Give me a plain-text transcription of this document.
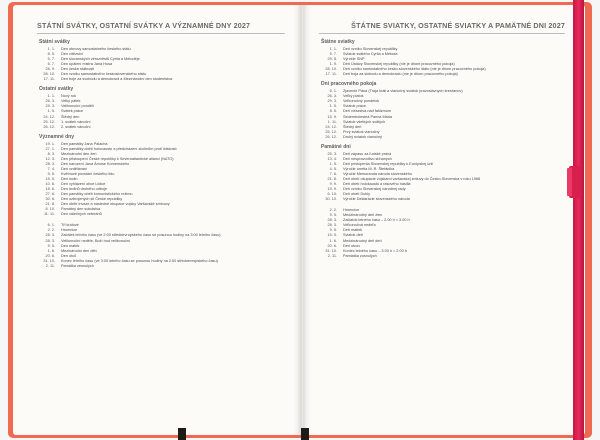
STÁTNÍ SVÁTKY, OSTATNÍ SVÁTKY A VÝZNAMNÉ DNY 2027
Státní svátky
1. 1.	Den obnovy samostatného českého státu
8. 5.	Den vítězství
5. 7.	Den slovanských věrozvěstů Cyrila a Metoděje
6. 7.	Den upálení mistra Jana Husa
28. 9.	Den české státnosti
28. 10.	Den vzniku samostatného československého státu
17. 11.	Den boje za svobodu a demokracii a Mezinárodní den studentstva
Ostatní svátky
1. 1.	Nový rok
26. 3.	Velký pátek
29. 3.	Velikonoční pondělí
1. 5.	Svátek práce
24. 12.	Štědrý den
25. 12.	1. svátek vánoční
26. 12.	2. svátek vánoční
Významné dny
19. 1.	Den památky Jana Palacha
27. 1.	Den památky obětí holocaustu a předcházení zločinům proti lidskosti
8. 3.	Mezinárodní den žen
12. 3.	Den přistoupení České republiky k Severoatlantické alianci (NATO)
28. 3.	Den narození Jana Ámose Komenského
7. 4.	Den vzdělávání
5. 5.	Květnové povstání českého lidu
15. 5.	Den rodin
10. 6.	Den vyhlazení obce Lidice
18. 6.	Den hrdinů druhého odboje
27. 6.	Den památky obětí komunistického režimu
30. 6.	Den ozbrojených sil České republiky
21. 8.	Den obětí invaze a následné okupace vojsky Varšavské smlouvy
8. 10.	Památný den sokolstva
11. 11.	Den válečných veteránů
6. 1.	Tři králové
2. 2.	Hromnice
28. 3.	Začátek letního času (ve 2:00 středoevropského času se posunou hodiny na 3:00 letního času)
28. 3.	Velikonoční neděle, Boží hod velikonoční
9. 5.	Den matek
1. 6.	Mezinárodní den dětí
20. 6.	Den otců
31. 10.	Konec letního času (ve 3:00 letního času se posunou hodiny na 2:00 středoevropského času)
2. 11.	Památka zesnulých
ŠTÁTNE SVIATKY, OSTATNÉ SVIATKY A PAMÄTNÉ DNI 2027
Štátne sviatky
1. 1.	Deň vzniku Slovenskej republiky
5. 7.	Sviatok svätého Cyrila a Metoda
29. 8.	Výročie SNP
1. 9.	Deň Ústavy Slovenskej republiky (nie je dňom pracovného pokoja)
28. 10.	Deň vzniku samostatného česko-slovenského štátu (nie je dňom pracovného pokoja)
17. 11.	Deň boja za slobodu a demokraciu (nie je dňom pracovného pokoja)
Dni pracovného pokoja
6. 1.	Zjavenie Pána (Traja králi a vianočný sviatok pravoslávnych kresťanov)
26. 3.	Veľký piatok
29. 3.	Veľkonočný pondelok
1. 5.	Sviatok práce
8. 5.	Deň víťazstva nad fašizmom
15. 9.	Sedembolestná Panna Mária
1. 11.	Sviatok všetkých svätých
24. 12.	Štedrý deň
25. 12.	Prvý sviatok vianočný
26. 12.	Druhý sviatok vianočný
Pamätné dni
25. 3.	Deň zápasu za ľudské práva
13. 4.	Deň nespravodlivo stíhaných
1. 5.	Deň pristúpenia Slovenskej republiky k Európskej únii
4. 5.	Výročie úmrtia M. R. Štefánika
7. 6.	Výročie Memoranda národa slovenského
21. 8.	Deň obetí okupácie vojskami varšavskej zmluvy do Česko-Slovenska v roku 1968
9. 9.	Deň obetí holokaustu a rasového násilia
19. 9.	Deň vzniku Slovenskej národnej rady
6. 10.	Deň obetí Dukly
30. 10.	Výročie Deklarácie slovenského národa
2. 2.	Hromnice
9. 5.	Medzinárodný deň žien
28. 3.	Začiatok letného času – 2.00 h = 3.00 h
28. 3.	Veľkonočná nedeľa
9. 5.	Deň matiek
15. 5.	Sviatok detí
1. 6.	Medzinárodný deň detí
20. 6.	Deň otcov
31. 10.	Koniec letného času – 3.00 h = 2.00 h
2. 11.	Pamiatka zosnulých
